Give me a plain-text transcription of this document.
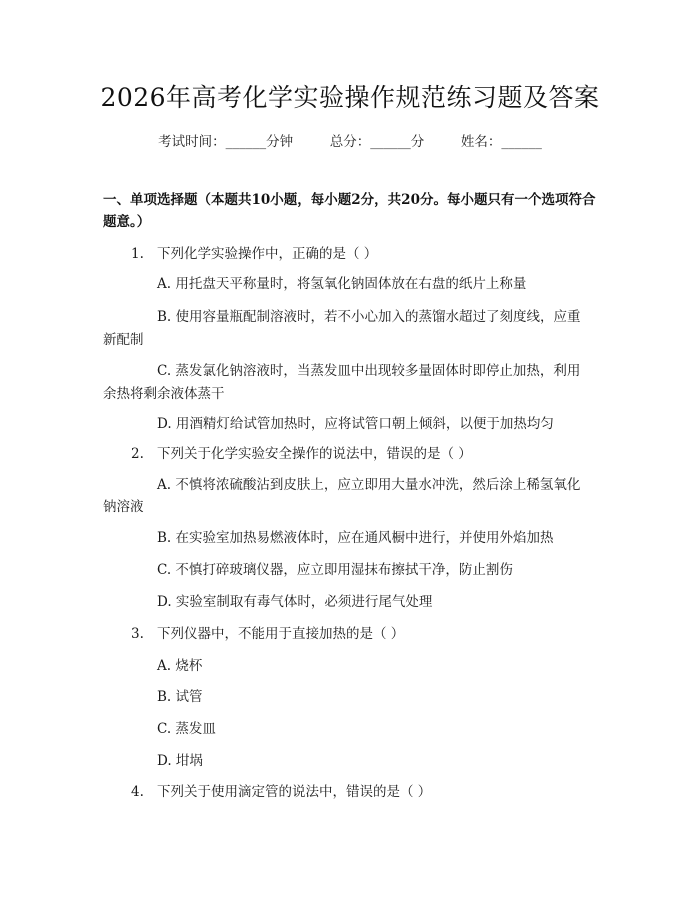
2026年高考化学实验操作规范练习题及答案
考试时间：______分钟	总分：______分	姓名：______
一、单项选择题（本题共10小题，每小题2分，共20分。每小题只有一个选项符合题意。）
1. 下列化学实验操作中，正确的是（ ）
A. 用托盘天平称量时，将氢氧化钠固体放在右盘的纸片上称量
B. 使用容量瓶配制溶液时，若不小心加入的蒸馏水超过了刻度线，应重
新配制
C. 蒸发氯化钠溶液时，当蒸发皿中出现较多量固体时即停止加热，利用
余热将剩余液体蒸干
D. 用酒精灯给试管加热时，应将试管口朝上倾斜，以便于加热均匀
2. 下列关于化学实验安全操作的说法中，错误的是（ ）
A. 不慎将浓硫酸沾到皮肤上，应立即用大量水冲洗，然后涂上稀氢氧化
钠溶液
B. 在实验室加热易燃液体时，应在通风橱中进行，并使用外焰加热
C. 不慎打碎玻璃仪器，应立即用湿抹布擦拭干净，防止割伤
D. 实验室制取有毒气体时，必须进行尾气处理
3. 下列仪器中，不能用于直接加热的是（ ）
A. 烧杯
B. 试管
C. 蒸发皿
D. 坩埚
4. 下列关于使用滴定管的说法中，错误的是（ ）
